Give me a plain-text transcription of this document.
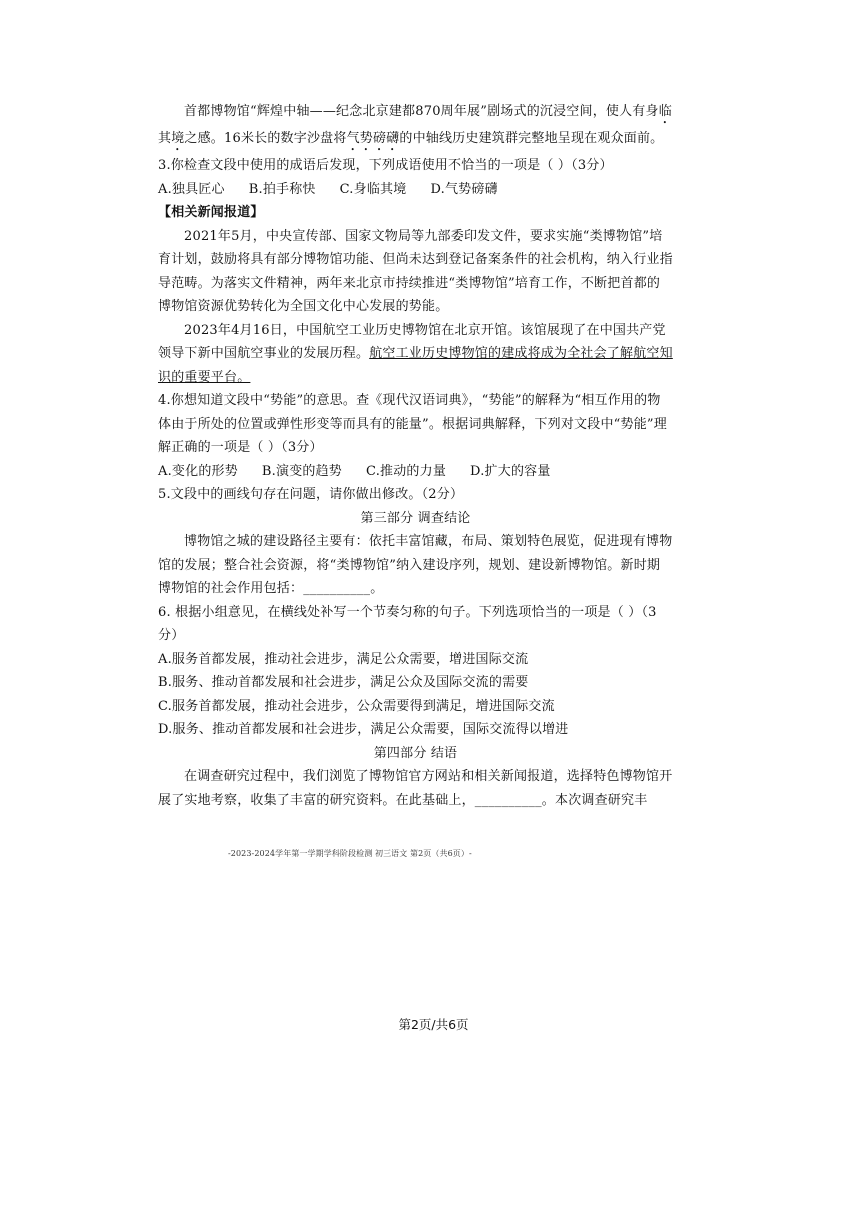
首都博物馆“辉煌中轴——纪念北京建都870周年展”剧场式的沉浸空间，使人有身临其境之感。16米长的数字沙盘将气势磅礴的中轴线历史建筑群完整地呈现在观众面前。

3.你检查文段中使用的成语后发现，下列成语使用不恰当的一项是（ ）（3分）

A.独具匠心 B.拍手称快 C.身临其境 D.气势磅礴

【相关新闻报道】

2021年5月，中央宣传部、国家文物局等九部委印发文件，要求实施“类博物馆”培育计划，鼓励将具有部分博物馆功能、但尚未达到登记备案条件的社会机构，纳入行业指导范畴。为落实文件精神，两年来北京市持续推进“类博物馆”培育工作，不断把首都的博物馆资源优势转化为全国文化中心发展的势能。

2023年4月16日，中国航空工业历史博物馆在北京开馆。该馆展现了在中国共产党领导下新中国航空事业的发展历程。航空工业历史博物馆的建成将成为全社会了解航空知识的重要平台。

4.你想知道文段中“势能”的意思。查《现代汉语词典》，“势能”的解释为“相互作用的物体由于所处的位置或弹性形变等而具有的能量”。根据词典解释，下列对文段中“势能”理解正确的一项是（ ）（3分）

A.变化的形势 B.演变的趋势 C.推动的力量 D.扩大的容量

5.文段中的画线句存在问题，请你做出修改。（2分）

第三部分 调查结论

博物馆之城的建设路径主要有：依托丰富馆藏，布局、策划特色展览，促进现有博物馆的发展；整合社会资源，将“类博物馆”纳入建设序列，规划、建设新博物馆。新时期博物馆的社会作用包括：__________。

6. 根据小组意见，在横线处补写一个节奏匀称的句子。下列选项恰当的一项是（ ）（3分）

A.服务首都发展，推动社会进步，满足公众需要，增进国际交流

B.服务、推动首都发展和社会进步，满足公众及国际交流的需要

C.服务首都发展，推动社会进步，公众需要得到满足，增进国际交流

D.服务、推动首都发展和社会进步，满足公众需要，国际交流得以增进

第四部分 结语

在调查研究过程中，我们浏览了博物馆官方网站和相关新闻报道，选择特色博物馆开展了实地考察，收集了丰富的研究资料。在此基础上，__________。本次调查研究丰

-2023-2024学年第一学期学科阶段检测 初三语文 第2页（共6页）-
第2页/共6页
